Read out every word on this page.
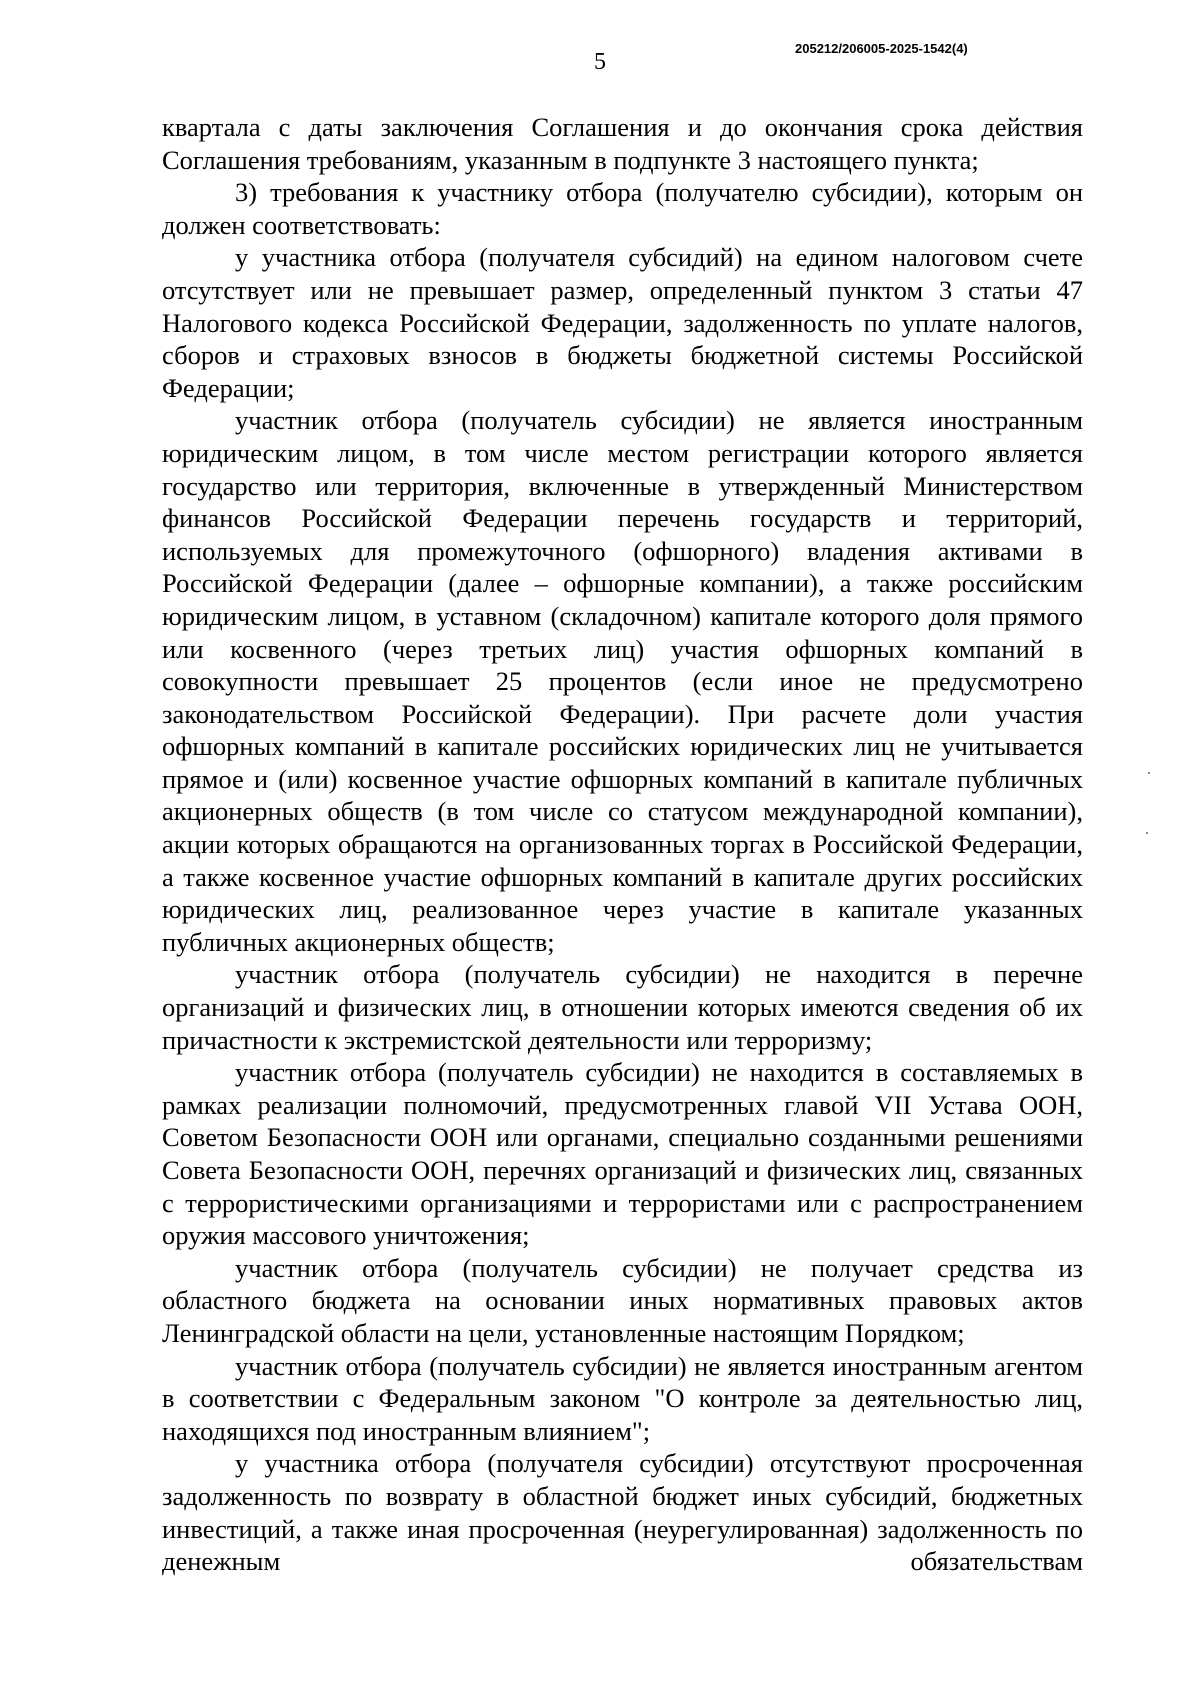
5
205212/206005-2025-1542(4)

квартала с даты заключения Соглашения и до окончания срока действия Соглашения требованиям, указанным в подпункте 3 настоящего пункта;

3) требования к участнику отбора (получателю субсидии), которым он должен соответствовать:

у участника отбора (получателя субсидий) на едином налоговом счете отсутствует или не превышает размер, определенный пунктом 3 статьи 47 Налогового кодекса Российской Федерации, задолженность по уплате налогов, сборов и страховых взносов в бюджеты бюджетной системы Российской Федерации;

участник отбора (получатель субсидии) не является иностранным юридическим лицом, в том числе местом регистрации которого является государство или территория, включенные в утвержденный Министерством финансов Российской Федерации перечень государств и территорий, используемых для промежуточного (офшорного) владения активами в Российской Федерации (далее – офшорные компании), а также российским юридическим лицом, в уставном (складочном) капитале которого доля прямого или косвенного (через третьих лиц) участия офшорных компаний в совокупности превышает 25 процентов (если иное не предусмотрено законодательством Российской Федерации). При расчете доли участия офшорных компаний в капитале российских юридических лиц не учитывается прямое и (или) косвенное участие офшорных компаний в капитале публичных акционерных обществ (в том числе со статусом международной компании), акции которых обращаются на организованных торгах в Российской Федерации, а также косвенное участие офшорных компаний в капитале других российских юридических лиц, реализованное через участие в капитале указанных публичных акционерных обществ;

участник отбора (получатель субсидии) не находится в перечне организаций и физических лиц, в отношении которых имеются сведения об их причастности к экстремистской деятельности или терроризму;

участник отбора (получатель субсидии) не находится в составляемых в рамках реализации полномочий, предусмотренных главой VII Устава ООН, Советом Безопасности ООН или органами, специально созданными решениями Совета Безопасности ООН, перечнях организаций и физических лиц, связанных с террористическими организациями и террористами или с распространением оружия массового уничтожения;

участник отбора (получатель субсидии) не получает средства из областного бюджета на основании иных нормативных правовых актов Ленинградской области на цели, установленные настоящим Порядком;

участник отбора (получатель субсидии) не является иностранным агентом в соответствии с Федеральным законом "О контроле за деятельностью лиц, находящихся под иностранным влиянием";

у участника отбора (получателя субсидии) отсутствуют просроченная задолженность по возврату в областной бюджет иных субсидий, бюджетных инвестиций, а также иная просроченная (неурегулированная) задолженность по денежным обязательствам
